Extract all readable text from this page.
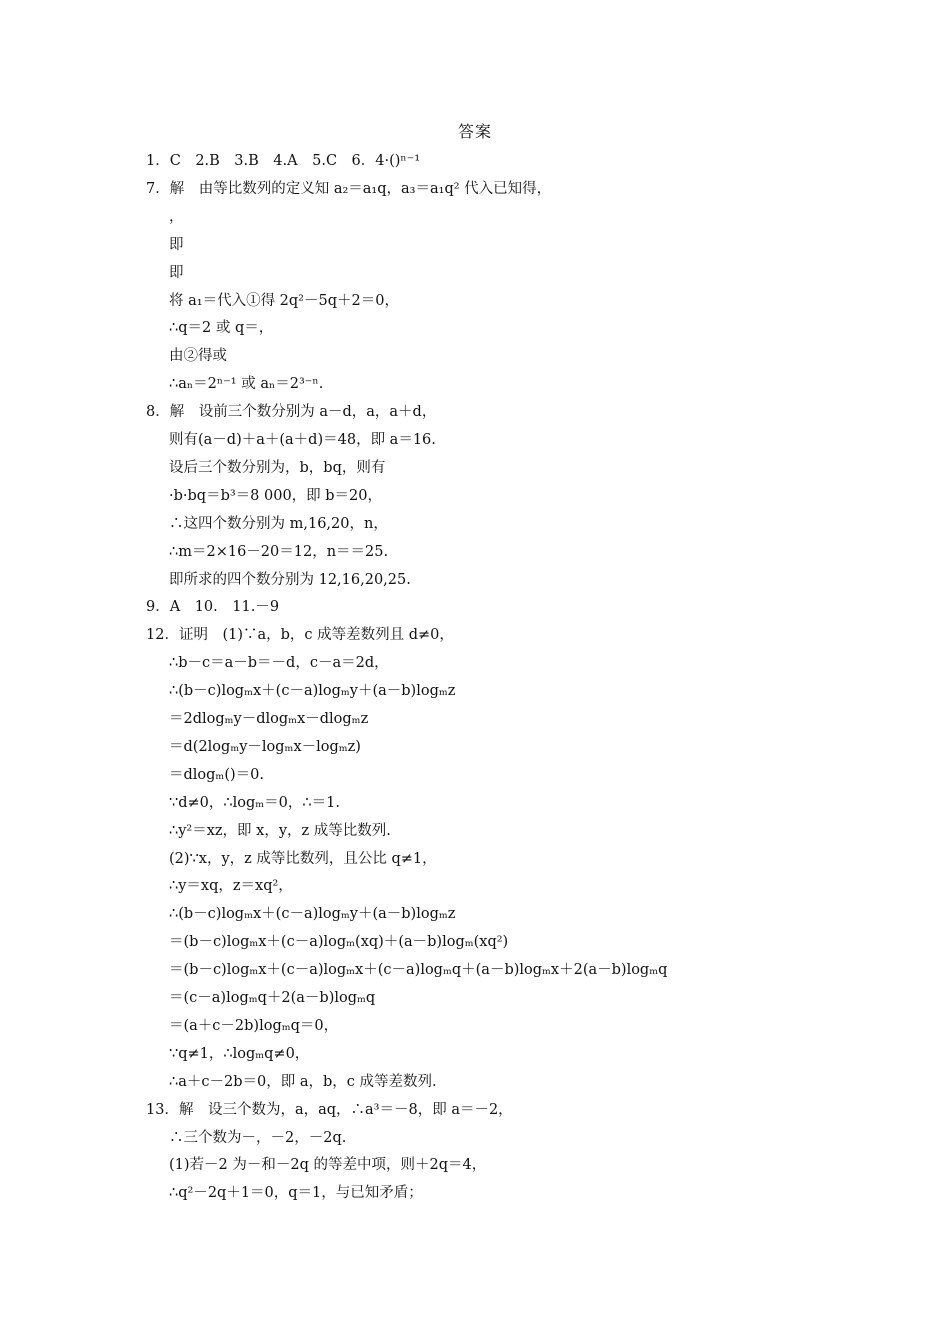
答案
1．C　2.B　3.B　4.A　5.C　6．4·()ⁿ⁻¹
7．解　由等比数列的定义知 a₂＝a₁q，a₃＝a₁q² 代入已知得，
，
即
即
将 a₁＝代入①得 2q²－5q＋2＝0，
∴q＝2 或 q＝，
由②得或
∴aₙ＝2ⁿ⁻¹ 或 aₙ＝2³⁻ⁿ.
8．解　设前三个数分别为 a－d，a，a＋d，
则有(a－d)＋a＋(a＋d)＝48，即 a＝16.
设后三个数分别为，b，bq，则有
·b·bq＝b³＝8 000，即 b＝20，
∴这四个数分别为 m,16,20，n，
∴m＝2×16－20＝12，n＝＝25.
即所求的四个数分别为 12,16,20,25.
9．A　10.　11.－9
12．证明　(1)∵a，b，c 成等差数列且 d≠0，
∴b－c＝a－b＝－d，c－a＝2d，
∴(b－c)logₘx＋(c－a)logₘy＋(a－b)logₘz
＝2dlogₘy－dlogₘx－dlogₘz
＝d(2logₘy－logₘx－logₘz)
＝dlogₘ()＝0.
∵d≠0，∴logₘ＝0，∴＝1.
∴y²＝xz，即 x，y，z 成等比数列.
(2)∵x，y，z 成等比数列，且公比 q≠1，
∴y＝xq，z＝xq²，
∴(b－c)logₘx＋(c－a)logₘy＋(a－b)logₘz
＝(b－c)logₘx＋(c－a)logₘ(xq)＋(a－b)logₘ(xq²)
＝(b－c)logₘx＋(c－a)logₘx＋(c－a)logₘq＋(a－b)logₘx＋2(a－b)logₘq
＝(c－a)logₘq＋2(a－b)logₘq
＝(a＋c－2b)logₘq＝0，
∵q≠1，∴logₘq≠0，
∴a＋c－2b＝0，即 a，b，c 成等差数列.
13．解　设三个数为，a，aq，∴a³＝－8，即 a＝－2，
∴三个数为－，－2，－2q.
(1)若－2 为－和－2q 的等差中项，则＋2q＝4，
∴q²－2q＋1＝0，q＝1，与已知矛盾；
